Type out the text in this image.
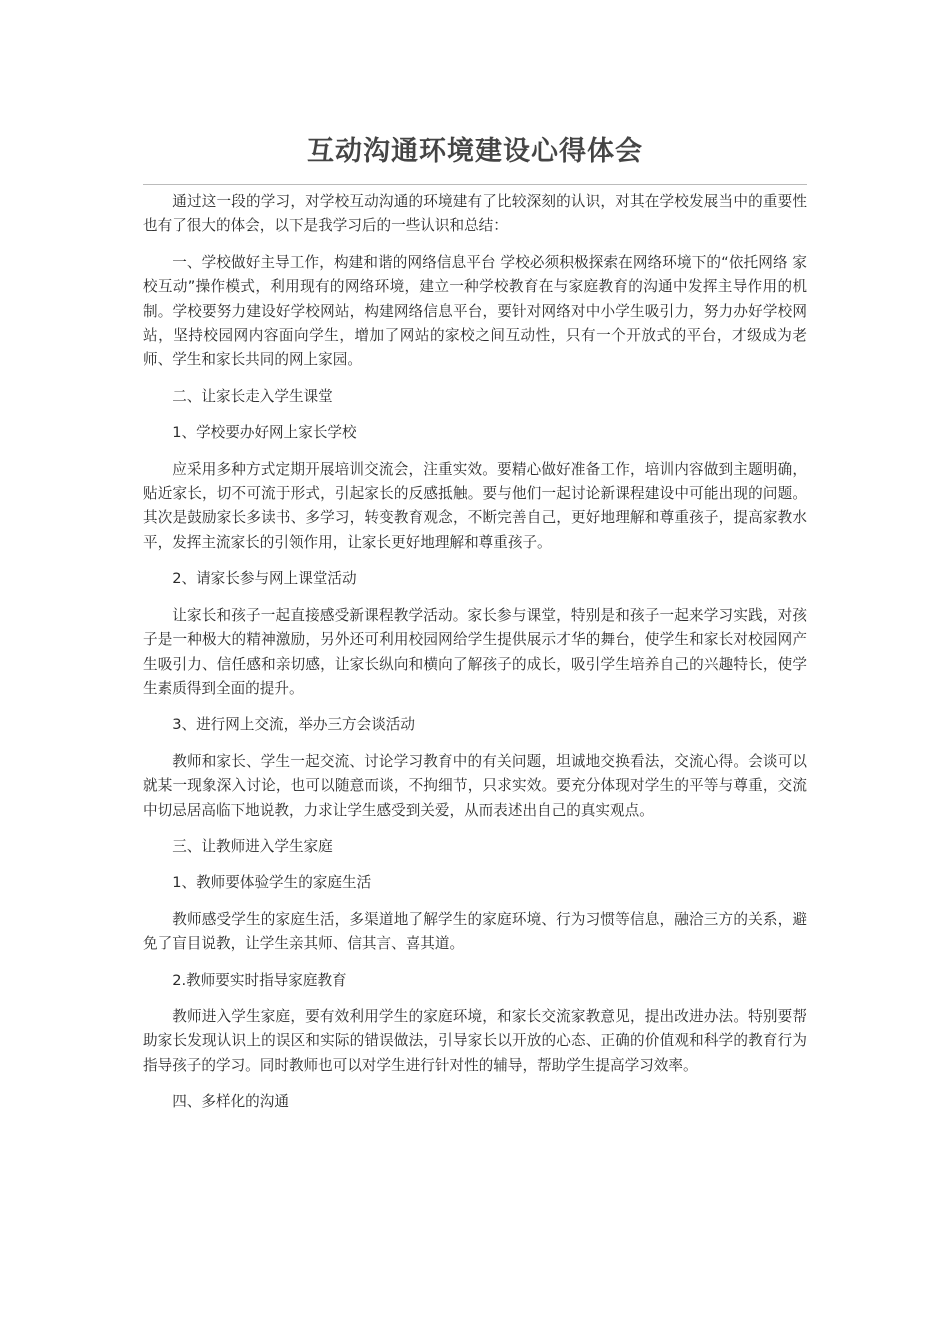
互动沟通环境建设心得体会

通过这一段的学习，对学校互动沟通的环境建有了比较深刻的认识，对其在学校发展当中的重要性也有了很大的体会，以下是我学习后的一些认识和总结：

一、学校做好主导工作，构建和谐的网络信息平台 学校必须积极探索在网络环境下的“依托网络 家校互动”操作模式，利用现有的网络环境，建立一种学校教育在与家庭教育的沟通中发挥主导作用的机制。学校要努力建设好学校网站，构建网络信息平台，要针对网络对中小学生吸引力，努力办好学校网站，坚持校园网内容面向学生，增加了网站的家校之间互动性，只有一个开放式的平台，才级成为老师、学生和家长共同的网上家园。

二、让家长走入学生课堂

1、学校要办好网上家长学校

应采用多种方式定期开展培训交流会，注重实效。要精心做好准备工作，培训内容做到主题明确，贴近家长，切不可流于形式，引起家长的反感抵触。要与他们一起讨论新课程建设中可能出现的问题。其次是鼓励家长多读书、多学习，转变教育观念，不断完善自己，更好地理解和尊重孩子，提高家教水平，发挥主流家长的引领作用，让家长更好地理解和尊重孩子。

2、请家长参与网上课堂活动

让家长和孩子一起直接感受新课程教学活动。家长参与课堂，特别是和孩子一起来学习实践，对孩子是一种极大的精神激励，另外还可利用校园网给学生提供展示才华的舞台，使学生和家长对校园网产生吸引力、信任感和亲切感，让家长纵向和横向了解孩子的成长，吸引学生培养自己的兴趣特长，使学生素质得到全面的提升。

3、进行网上交流，举办三方会谈活动

教师和家长、学生一起交流、讨论学习教育中的有关问题，坦诚地交换看法，交流心得。会谈可以就某一现象深入讨论，也可以随意而谈，不拘细节，只求实效。要充分体现对学生的平等与尊重，交流中切忌居高临下地说教，力求让学生感受到关爱，从而表述出自己的真实观点。

三、让教师进入学生家庭

1、教师要体验学生的家庭生活

教师感受学生的家庭生活，多渠道地了解学生的家庭环境、行为习惯等信息，融洽三方的关系，避免了盲目说教，让学生亲其师、信其言、喜其道。

2.教师要实时指导家庭教育

教师进入学生家庭，要有效利用学生的家庭环境，和家长交流家教意见，提出改进办法。特别要帮助家长发现认识上的误区和实际的错误做法，引导家长以开放的心态、正确的价值观和科学的教育行为指导孩子的学习。同时教师也可以对学生进行针对性的辅导，帮助学生提高学习效率。

四、多样化的沟通
